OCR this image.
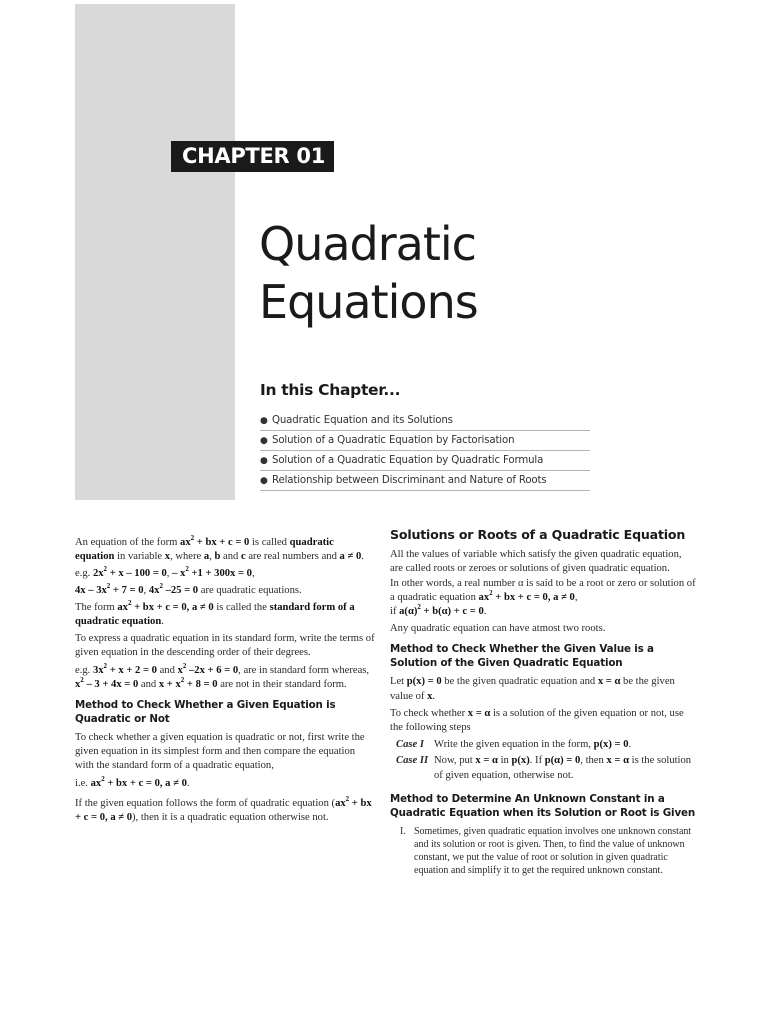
CHAPTER 01
Quadratic
Equations
In this Chapter...
● Quadratic Equation and its Solutions
● Solution of a Quadratic Equation by Factorisation
● Solution of a Quadratic Equation by Quadratic Formula
● Relationship between Discriminant and Nature of Roots

An equation of the form $ax^2$ + bx + c = 0 is called quadratic equation in variable x, where a, b and c are real numbers and a ≠ 0.

e.g. $2x^2 + x - 100 = 0$, – $x^2 +1 + 300x = 0$,

$4x - 3x^2 + 7 = 0$, $4x^2$ –25 = 0 are quadratic equations.

The form $ax^2$ + bx + c = 0, a ≠ 0 is called the standard form of a quadratic equation.

To express a quadratic equation in its standard form, write the terms of given equation in the descending order of their degrees.

e.g. $3x^2 + x + 2 = 0$ and $x^2$ –2x + 6 = 0, are in standard form whereas, $x^2 - 3 + 4x = 0$ and $x + x^2 + 8 = 0$ are not in their standard form.

Method to Check Whether a Given Equation is Quadratic or Not

To check whether a given equation is quadratic or not, first write the given equation in its simplest form and then compare the equation with the standard form of a quadratic equation,

i.e. $ax^2$ + bx + c = 0, a ≠ 0.

If the given equation follows the form of quadratic equation ($ax^2$ + bx + c = 0, a ≠ 0), then it is a quadratic equation otherwise not.

Solutions or Roots of a Quadratic Equation

All the values of variable which satisfy the given quadratic equation, are called roots or zeroes or solutions of given quadratic equation.

In other words, a real number α is said to be a root or zero or solution of a quadratic equation $ax^2$ + bx + c = 0, a ≠ 0,
if $a(\alpha)^2 + b(\alpha) + c = 0$.

Any quadratic equation can have atmost two roots.

Method to Check Whether the Given Value is a Solution of the Given Quadratic Equation

Let p(x) = 0 be the given quadratic equation and x = α be the given value of x.

To check whether x = α is a solution of the given equation or not, use the following steps

Case I Write the given equation in the form, p(x) = 0.
Case II Now, put x = α in p(x). If p(α) = 0, then x = α is the solution of given equation, otherwise not.
Method to Determine An Unknown Constant in a Quadratic Equation when its Solution or Root is Given
I. Sometimes, given quadratic equation involves one unknown constant and its solution or root is given. Then, to find the value of unknown constant, we put the value of root or solution in given quadratic equation and simplify it to get the required unknown constant.
